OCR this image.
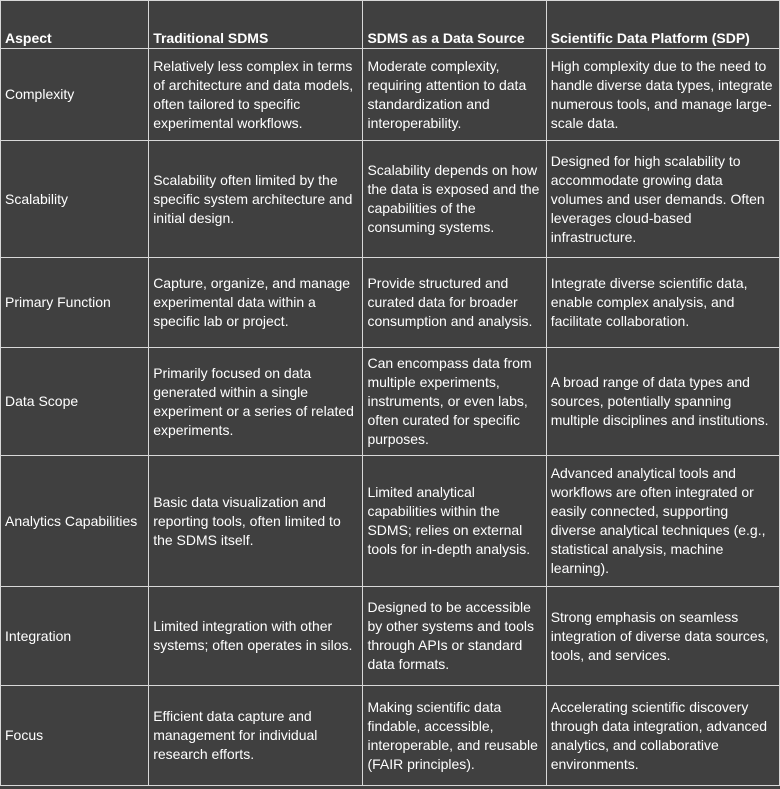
Aspect	Traditional SDMS	SDMS as a Data Source	Scientific Data Platform (SDP)
Complexity	Relatively less complex in terms of architecture and data models, often tailored to specific experimental workflows.	Moderate complexity, requiring attention to data standardization and interoperability.	High complexity due to the need to handle diverse data types, integrate numerous tools, and manage large-scale data.
Scalability	Scalability often limited by the specific system architecture and initial design.	Scalability depends on how the data is exposed and the capabilities of the consuming systems.	Designed for high scalability to accommodate growing data volumes and user demands. Often leverages cloud-based infrastructure.
Primary Function	Capture, organize, and manage experimental data within a specific lab or project.	Provide structured and curated data for broader consumption and analysis.	Integrate diverse scientific data, enable complex analysis, and facilitate collaboration.
Data Scope	Primarily focused on data generated within a single experiment or a series of related experiments.	Can encompass data from multiple experiments, instruments, or even labs, often curated for specific purposes.	A broad range of data types and sources, potentially spanning multiple disciplines and institutions.
Analytics Capabilities	Basic data visualization and reporting tools, often limited to the SDMS itself.	Limited analytical capabilities within the SDMS; relies on external tools for in-depth analysis.	Advanced analytical tools and workflows are often integrated or easily connected, supporting diverse analytical techniques (e.g., statistical analysis, machine learning).
Integration	Limited integration with other systems; often operates in silos.	Designed to be accessible by other systems and tools through APIs or standard data formats.	Strong emphasis on seamless integration of diverse data sources, tools, and services.
Focus	Efficient data capture and management for individual research efforts.	Making scientific data findable, accessible, interoperable, and reusable (FAIR principles).	Accelerating scientific discovery through data integration, advanced analytics, and collaborative environments.
